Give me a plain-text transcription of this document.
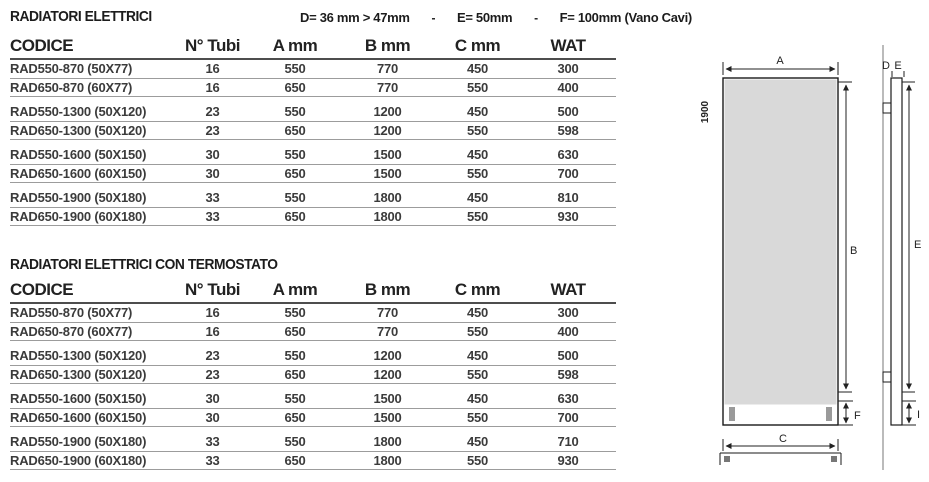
RADIATORI ELETTRICI	D= 36 mm > 47mm - E= 50mm - F= 100mm (Vano Cavi)
CODICE	N° Tubi	A mm	B mm	C mm	WAT
RAD550-870 (50X77)	16	550	770	450	300
RAD650-870 (60X77)	16	650	770	550	400
RAD550-1300 (50X120)	23	550	1200	450	500
RAD650-1300 (50X120)	23	650	1200	550	598
RAD550-1600 (50X150)	30	550	1500	450	630
RAD650-1600 (60X150)	30	650	1500	550	700
RAD550-1900 (50X180)	33	550	1800	450	810
RAD650-1900 (60X180)	33	650	1800	550	930
RADIATORI ELETTRICI CON TERMOSTATO
CODICE	N° Tubi	A mm	B mm	C mm	WAT
RAD550-870 (50X77)	16	550	770	450	300
RAD650-870 (60X77)	16	650	770	550	400
RAD550-1300 (50X120)	23	550	1200	450	500
RAD650-1300 (50X120)	23	650	1200	550	598
RAD550-1600 (50X150)	30	550	1500	450	630
RAD650-1600 (60X150)	30	650	1500	550	700
RAD550-1900 (50X180)	33	550	1800	450	710
RAD650-1900 (60X180)	33	650	1800	550	930
A
1900
B
F
C
D E
E
I
